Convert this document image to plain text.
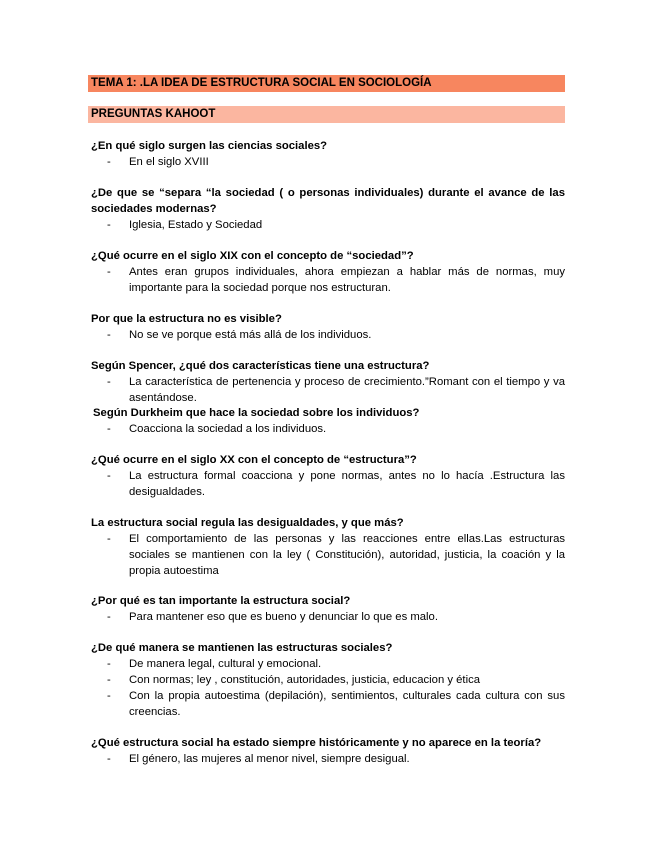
TEMA 1: .LA IDEA DE ESTRUCTURA SOCIAL EN SOCIOLOGÍA
PREGUNTAS KAHOOT
¿En qué siglo surgen las ciencias sociales?
-	En el siglo XVIII
¿De que se “separa “la sociedad ( o personas individuales) durante el avance de las sociedades modernas?
-	Iglesia, Estado y Sociedad
¿Qué ocurre en el siglo XIX con el concepto de “sociedad”?
-	Antes eran grupos individuales, ahora empiezan a hablar más de normas, muy importante para la sociedad porque nos estructuran.
Por que la estructura no es visible?
-	No se ve porque está más allá de los individuos.
Según Spencer, ¿qué dos características tiene una estructura?
-	La característica de pertenencia y proceso de crecimiento.”Romant con el tiempo y va asentándose.
Según Durkheim que hace la sociedad sobre los individuos?
-	Coacciona la sociedad a los individuos.
¿Qué ocurre en el siglo XX con el concepto de “estructura”?
-	La estructura formal coacciona y pone normas, antes no lo hacía .Estructura las desigualdades.
La estructura social regula las desigualdades, y que más?
-	El comportamiento de las personas y las reacciones entre ellas.Las estructuras sociales se mantienen con la ley ( Constitución), autoridad, justicia, la coación y la propia autoestima
¿Por qué es tan importante la estructura social?
-	Para mantener eso que es bueno y denunciar lo que es malo.
¿De qué manera se mantienen las estructuras sociales?
-	De manera legal, cultural y emocional.
-	Con normas; ley , constitución, autoridades, justicia, educacion y ética
-	Con la propia autoestima (depilación), sentimientos, culturales cada cultura con sus creencias.
¿Qué estructura social ha estado siempre históricamente y no aparece en la teoría?
-	El género, las mujeres al menor nivel, siempre desigual.
